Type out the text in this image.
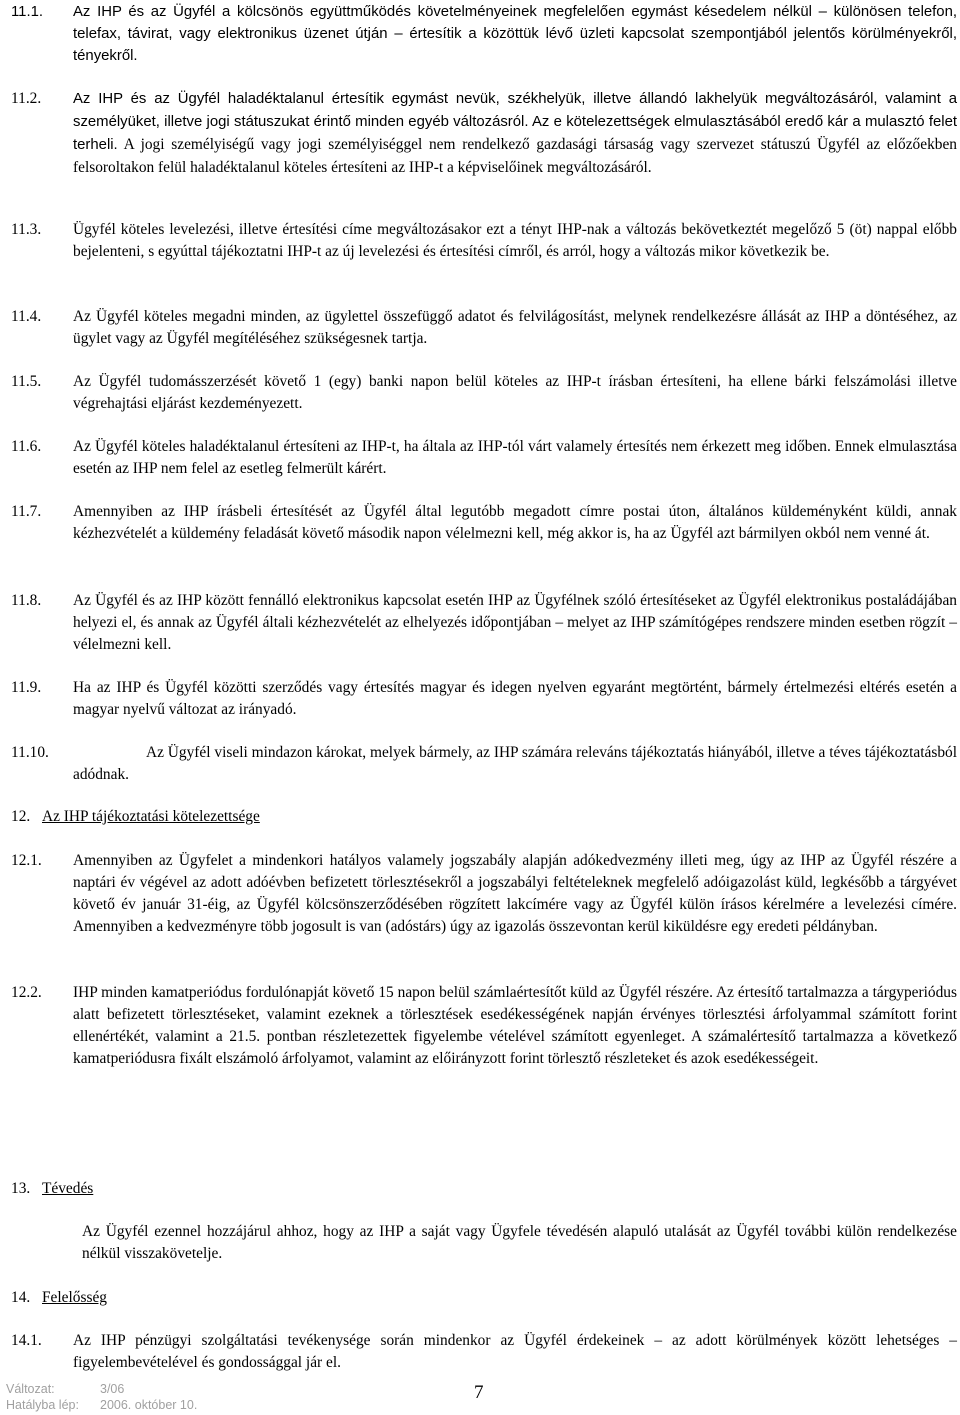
11.1. Az IHP és az Ügyfél a kölcsönös együttműködés követelményeinek megfelelően egymást késedelem nélkül – különösen telefon, telefax, távirat, vagy elektronikus üzenet útján – értesítik a közöttük lévő üzleti kapcsolat szempontjából jelentős körülményekről, tényekről.

11.2. Az IHP és az Ügyfél haladéktalanul értesítik egymást nevük, székhelyük, illetve állandó lakhelyük megváltozásáról, valamint a személyüket, illetve jogi státuszukat érintő minden egyéb változásról. Az e kötelezettségek elmulasztásából eredő kár a mulasztó felet terheli. A jogi személyiségű vagy jogi személyiséggel nem rendelkező gazdasági társaság vagy szervezet státuszú Ügyfél az előzőekben felsoroltakon felül haladéktalanul köteles értesíteni az IHP-t a képviselőinek megváltozásáról.

11.3. Ügyfél köteles levelezési, illetve értesítési címe megváltozásakor ezt a tényt IHP-nak a változás bekövetkeztét megelőző 5 (öt) nappal előbb bejelenteni, s egyúttal tájékoztatni IHP-t az új levelezési és értesítési címről, és arról, hogy a változás mikor következik be.

11.4. Az Ügyfél köteles megadni minden, az ügylettel összefüggő adatot és felvilágosítást, melynek rendelkezésre állását az IHP a döntéséhez, az ügylet vagy az Ügyfél megítéléséhez szükségesnek tartja.

11.5. Az Ügyfél tudomásszerzését követő 1 (egy) banki napon belül köteles az IHP-t írásban értesíteni, ha ellene bárki felszámolási illetve végrehajtási eljárást kezdeményezett.

11.6. Az Ügyfél köteles haladéktalanul értesíteni az IHP-t, ha általa az IHP-tól várt valamely értesítés nem érkezett meg időben. Ennek elmulasztása esetén az IHP nem felel az esetleg felmerült kárért.

11.7. Amennyiben az IHP írásbeli értesítését az Ügyfél által legutóbb megadott címre postai úton, általános küldeményként küldi, annak kézhezvételét a küldemény feladását követő második napon vélelmezni kell, még akkor is, ha az Ügyfél azt bármilyen okból nem venné át.

11.8. Az Ügyfél és az IHP között fennálló elektronikus kapcsolat esetén IHP az Ügyfélnek szóló értesítéseket az Ügyfél elektronikus postaládájában helyezi el, és annak az Ügyfél általi kézhezvételét az elhelyezés időpontjában – melyet az IHP számítógépes rendszere minden esetben rögzít – vélelmezni kell.

11.9. Ha az IHP és Ügyfél közötti szerződés vagy értesítés magyar és idegen nyelven egyaránt megtörtént, bármely értelmezési eltérés esetén a magyar nyelvű változat az irányadó.

11.10.	Az Ügyfél viseli mindazon károkat, melyek bármely, az IHP számára releváns tájékoztatás hiányából, illetve a téves tájékoztatásból adódnak.

12. Az IHP tájékoztatási kötelezettsége

12.1. Amennyiben az Ügyfelet a mindenkori hatályos valamely jogszabály alapján adókedvezmény illeti meg, úgy az IHP az Ügyfél részére a naptári év végével az adott adóévben befizetett törlesztésekről a jogszabályi feltételeknek megfelelő adóigazolást küld, legkésőbb a tárgyévet követő év január 31-éig, az Ügyfél kölcsönszerződésében rögzített lakcímére vagy az Ügyfél külön írásos kérelmére a levelezési címére. Amennyiben a kedvezményre több jogosult is van (adóstárs) úgy az igazolás összevontan kerül kiküldésre egy eredeti példányban.

12.2. IHP minden kamatperiódus fordulónapját követő 15 napon belül számlaértesítőt küld az Ügyfél részére. Az értesítő tartalmazza a tárgyperiódus alatt befizetett törlesztéseket, valamint ezeknek a törlesztések esedékességének napján érvényes törlesztési árfolyammal számított forint ellenértékét, valamint a 21.5. pontban részletezettek figyelembe vételével számított egyenleget. A számalértesítő tartalmazza a következő kamatperiódusra fixált elszámoló árfolyamot, valamint az előirányzott forint törlesztő részleteket és azok esedékességeit.

13. Tévedés

Az Ügyfél ezennel hozzájárul ahhoz, hogy az IHP a saját vagy Ügyfele tévedésén alapuló utalását az Ügyfél további külön rendelkezése nélkül visszakövetelje.

14. Felelősség

14.1. Az IHP pénzügyi szolgáltatási tevékenysége során mindenkor az Ügyfél érdekeinek – az adott körülmények között lehetséges – figyelembevételével és gondossággal jár el.

Változat:	3/06
Hatályba lép: 2006. október 10.
7
